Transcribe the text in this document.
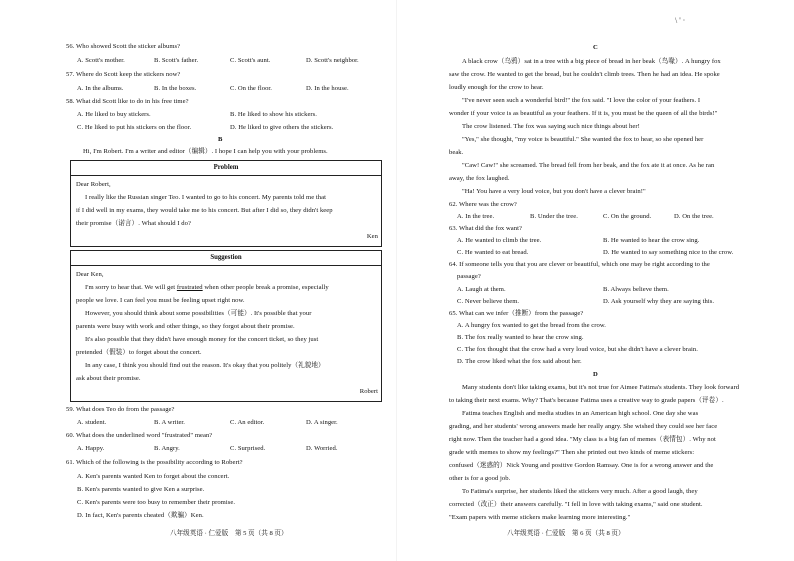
56. Who showed Scott the sticker albums?
A. Scott's mother.	B. Scott's father.	C. Scott's aunt.	D. Scott's neighbor.
57. Where do Scott keep the stickers now?
A. In the albums.	B. In the boxes.	C. On the floor.	D. In the house.
58. What did Scott like to do in his free time?
A. He liked to buy stickers.	B. He liked to show his stickers.
C. He liked to put his stickers on the floor.	D. He liked to give others the stickers.
B
Hi, I'm Robert. I'm a writer and editor（编辑）. I hope I can help you with your problems.
Problem
Dear Robert,
I really like the Russian singer Teo. I wanted to go to his concert. My parents told me that
if I did well in my exams, they would take me to his concert. But after I did so, they didn't keep
their promise（诺言）. What should I do?
Ken
Suggestion
Dear Ken,
I'm sorry to hear that. We will get frustrated when other people break a promise, especially
people we love. I can feel you must be feeling upset right now.
However, you should think about some possibilities（可能）. It's possible that your
parents were busy with work and other things, so they forgot about their promise.
It's also possible that they didn't have enough money for the concert ticket, so they just
pretended（假装）to forget about the concert.
In any case, I think you should find out the reason. It's okay that you politely（礼貌地）
ask about their promise.
Robert
59. What does Teo do from the passage?
A. student.	B. A writer.	C. An editor.	D. A singer.
60. What does the underlined word "frustrated" mean?
A. Happy.	B. Angry.	C. Surprised.	D. Worried.
61. Which of the following is the possibility according to Robert?
A. Ken's parents wanted Ken to forget about the concert.
B. Ken's parents wanted to give Ken a surprise.
C. Ken's parents were too busy to remember their promise.
D. In fact, Ken's parents cheated（欺骗）Ken.
八年级英语 · 仁爱版　第 5 页（共 8 页）
\ ' ·
C
A black crow（乌鸦）sat in a tree with a big piece of bread in her beak（鸟喙）. A hungry fox
saw the crow. He wanted to get the bread, but he couldn't climb trees. Then he had an idea. He spoke
loudly enough for the crow to hear.
"I've never seen such a wonderful bird!" the fox said. "I love the color of your feathers. I
wonder if your voice is as beautiful as your feathers. If it is, you must be the queen of all the birds!"
The crow listened. The fox was saying such nice things about her!
"Yes," she thought, "my voice is beautiful." She wanted the fox to hear, so she opened her
beak.
"Caw! Caw!" she screamed. The bread fell from her beak, and the fox ate it at once. As he ran
away, the fox laughed.
"Ha! You have a very loud voice, but you don't have a clever brain!"
62. Where was the crow?
A. In the tree.	B. Under the tree.	C. On the ground.	D. On the tree.
63. What did the fox want?
A. He wanted to climb the tree.	B. He wanted to hear the crow sing.
C. He wanted to eat bread.	D. He wanted to say something nice to the crow.
64. If someone tells you that you are clever or beautiful, which one may be right according to the
passage?
A. Laugh at them.	B. Always believe them.
C. Never believe them.	D. Ask yourself why they are saying this.
65. What can we infer（推断）from the passage?
A. A hungry fox wanted to get the bread from the crow.
B. The fox really wanted to hear the crow sing.
C. The fox thought that the crow had a very loud voice, but she didn't have a clever brain.
D. The crow liked what the fox said about her.
D
Many students don't like taking exams, but it's not true for Aimee Fatima's students. They look forward
to taking their next exams. Why? That's because Fatima uses a creative way to grade papers（评卷）.
Fatima teaches English and media studies in an American high school. One day she was
grading, and her students' wrong answers made her really angry. She wished they could see her face
right now. Then the teacher had a good idea. "My class is a big fan of memes（表情包）. Why not
grade with memes to show my feelings?" Then she printed out two kinds of meme stickers:
confused（迷惑的）Nick Young and positive Gordon Ramsay. One is for a wrong answer and the
other is for a good job.
To Fatima's surprise, her students liked the stickers very much. After a good laugh, they
corrected（改正）their answers carefully. "I fell in love with taking exams," said one student.
"Exam papers with meme stickers make learning more interesting."
八年级英语 · 仁爱版　第 6 页（共 8 页）
